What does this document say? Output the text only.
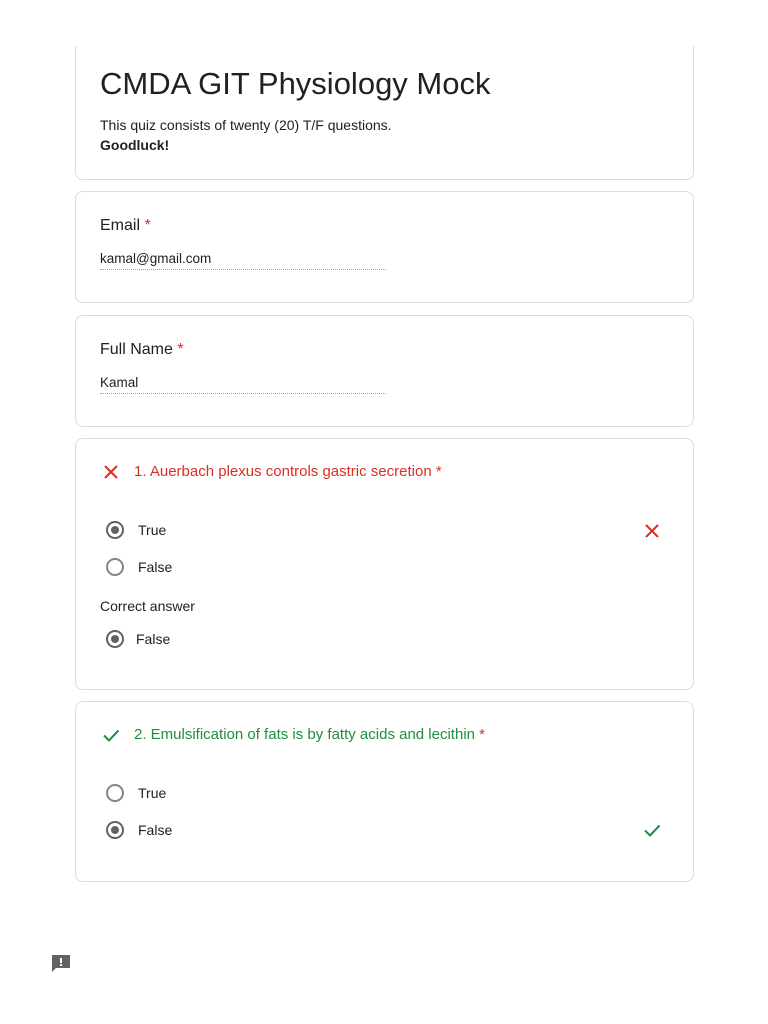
CMDA GIT Physiology Mock
This quiz consists of twenty (20) T/F questions.
Goodluck!
Email *
kamal@gmail.com
Full Name *
Kamal
1. Auerbach plexus controls gastric secretion *
True
False
Correct answer
False
2. Emulsification of fats is by fatty acids and lecithin *
True
False
